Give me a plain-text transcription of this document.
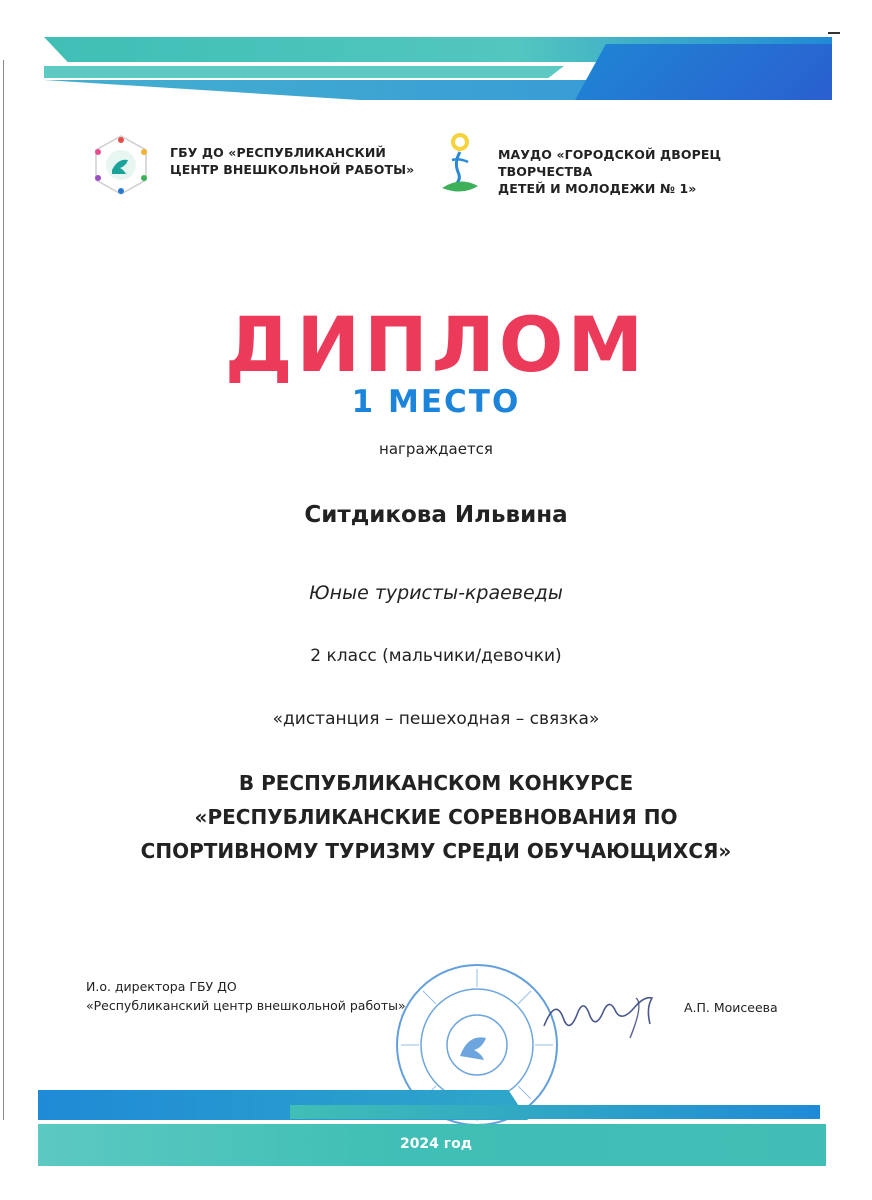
ГБУ ДО «РЕСПУБЛИКАНСКИЙ
ЦЕНТР ВНЕШКОЛЬНОЙ РАБОТЫ»
МАУДО «ГОРОДСКОЙ ДВОРЕЦ ТВОРЧЕСТВА
ДЕТЕЙ И МОЛОДЕЖИ № 1»
ДИПЛОМ
1 МЕСТО
награждается
Ситдикова Ильвина
Юные туристы-краеведы
2 класс (мальчики/девочки)
«дистанция – пешеходная – связка»
В РЕСПУБЛИКАНСКОМ КОНКУРСЕ
«РЕСПУБЛИКАНСКИЕ СОРЕВНОВАНИЯ ПО
СПОРТИВНОМУ ТУРИЗМУ СРЕДИ ОБУЧАЮЩИХСЯ»
И.о. директора ГБУ ДО
«Республиканский центр внешкольной работы»	А.П. Моисеева
2024 год
